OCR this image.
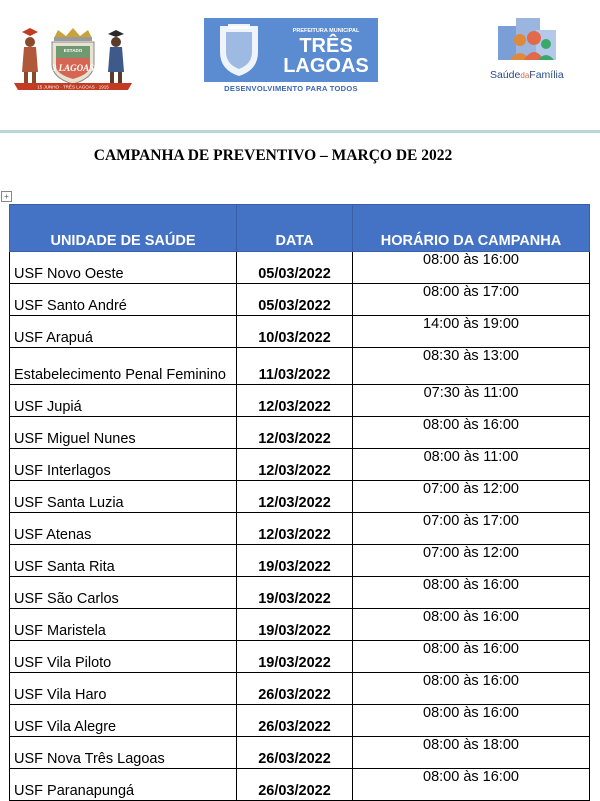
3 LAGOAS
15 JUNHO · TRÊS LAGOAS · 1915
ESTADO
PREFEITURA MUNICIPAL
TRÊS
LAGOAS
DESENVOLVIMENTO PARA TODOS
SaúdedaFamília
CAMPANHA DE PREVENTIVO – MARÇO DE 2022
+
UNIDADE DE SAÚDE	DATA	HORÁRIO DA CAMPANHA
USF Novo Oeste	05/03/2022	08:00 às 16:00
USF Santo André	05/03/2022	08:00 às 17:00
USF Arapuá	10/03/2022	14:00 às 19:00
Estabelecimento Penal Feminino	11/03/2022	08:30 às 13:00
USF Jupiá	12/03/2022	07:30 às 11:00
USF Miguel Nunes	12/03/2022	08:00 às 16:00
USF Interlagos	12/03/2022	08:00 às 11:00
USF Santa Luzia	12/03/2022	07:00 às 12:00
USF Atenas	12/03/2022	07:00 às 17:00
USF Santa Rita	19/03/2022	07:00 às 12:00
USF São Carlos	19/03/2022	08:00 às 16:00
USF Maristela	19/03/2022	08:00 às 16:00
USF Vila Piloto	19/03/2022	08:00 às 16:00
USF Vila Haro	26/03/2022	08:00 às 16:00
USF Vila Alegre	26/03/2022	08:00 às 16:00
USF Nova Três Lagoas	26/03/2022	08:00 às 18:00
USF Paranapungá	26/03/2022	08:00 às 16:00
